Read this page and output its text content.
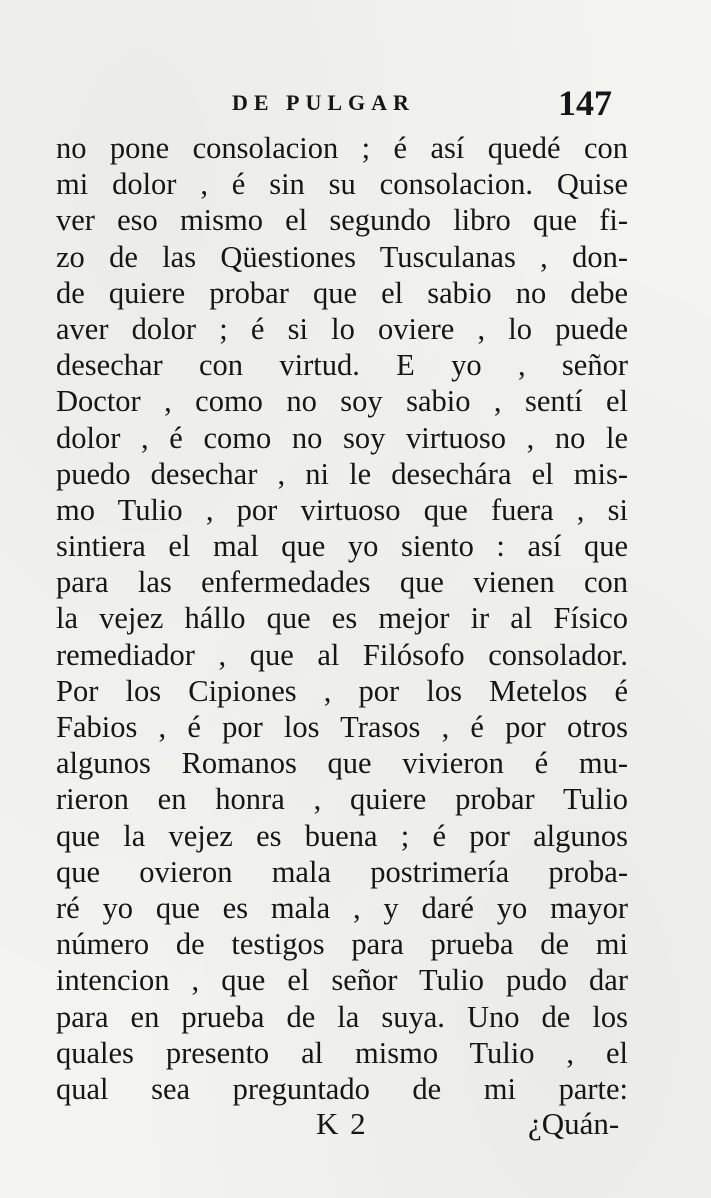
DE PULGAR	147
no pone consolacion ; é así quedé con
mi dolor , é sin su consolacion. Quise
ver eso mismo el segundo libro que fi-
zo de las Qüestiones Tusculanas , don-
de quiere probar que el sabio no debe
aver dolor ; é si lo oviere , lo puede
desechar con virtud. E yo , señor
Doctor , como no soy sabio , sentí el
dolor , é como no soy virtuoso , no le
puedo desechar , ni le desechára el mis-
mo Tulio , por virtuoso que fuera , si
sintiera el mal que yo siento : así que
para las enfermedades que vienen con
la vejez hállo que es mejor ir al Físico
remediador , que al Filósofo consolador.
Por los Cipiones , por los Metelos é
Fabios , é por los Trasos , é por otros
algunos Romanos que vivieron é mu-
rieron en honra , quiere probar Tulio
que la vejez es buena ; é por algunos
que ovieron mala postrimería proba-
ré yo que es mala , y daré yo mayor
número de testigos para prueba de mi
intencion , que el señor Tulio pudo dar
para en prueba de la suya. Uno de los
quales presento al mismo Tulio , el
qual sea preguntado de mi parte:
K 2	¿Quán-
